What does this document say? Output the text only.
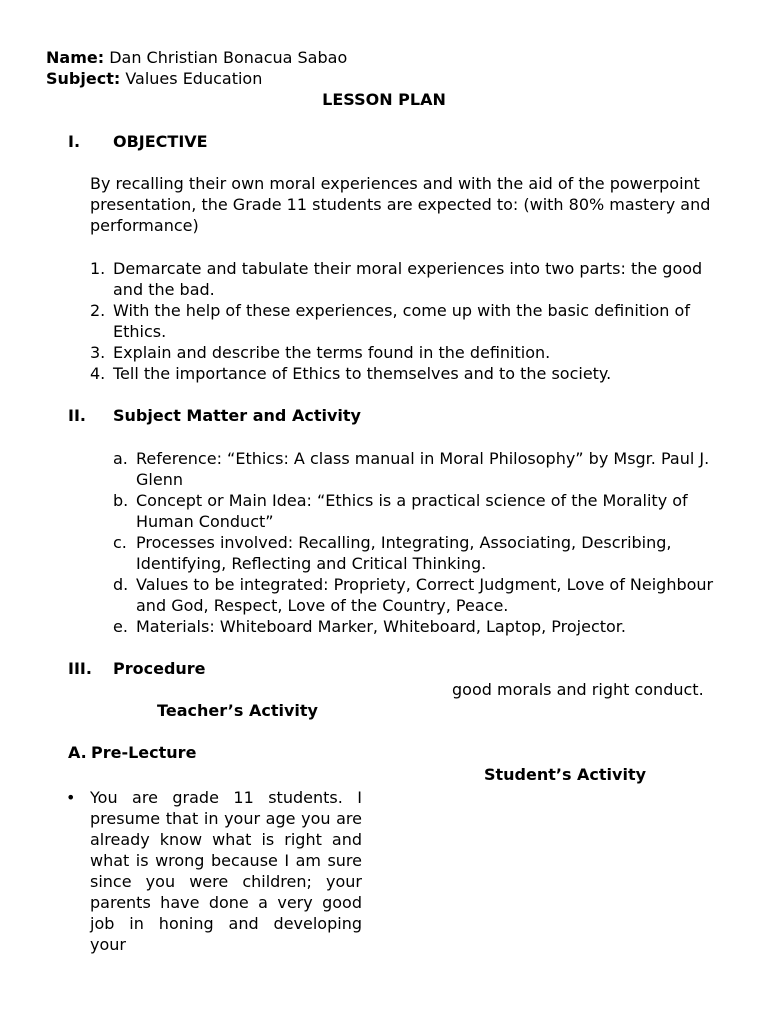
Name: Dan Christian Bonacua Sabao
Subject: Values Education
LESSON PLAN
I. OBJECTIVE
By recalling their own moral experiences and with the aid of the powerpoint presentation, the Grade 11 students are expected to: (with 80% mastery and performance)
1. Demarcate and tabulate their moral experiences into two parts: the good and the bad.
2. With the help of these experiences, come up with the basic definition of Ethics.
3. Explain and describe the terms found in the definition.
4. Tell the importance of Ethics to themselves and to the society.
II. Subject Matter and Activity
a. Reference: “Ethics: A class manual in Moral Philosophy” by Msgr. Paul J. Glenn
b. Concept or Main Idea: “Ethics is a practical science of the Morality of Human Conduct”
c. Processes involved: Recalling, Integrating, Associating, Describing, Identifying, Reflecting and Critical Thinking.
d. Values to be integrated: Propriety, Correct Judgment, Love of Neighbour and God, Respect, Love of the Country, Peace.
e. Materials: Whiteboard Marker, Whiteboard, Laptop, Projector.
III. Procedure
Teacher’s Activity
A. Pre-Lecture
• You are grade 11 students. I presume that in your age you are already know what is right and what is wrong because I am sure since you were children; your parents have done a very good job in honing and developing your
good morals and right conduct.
Student’s Activity
